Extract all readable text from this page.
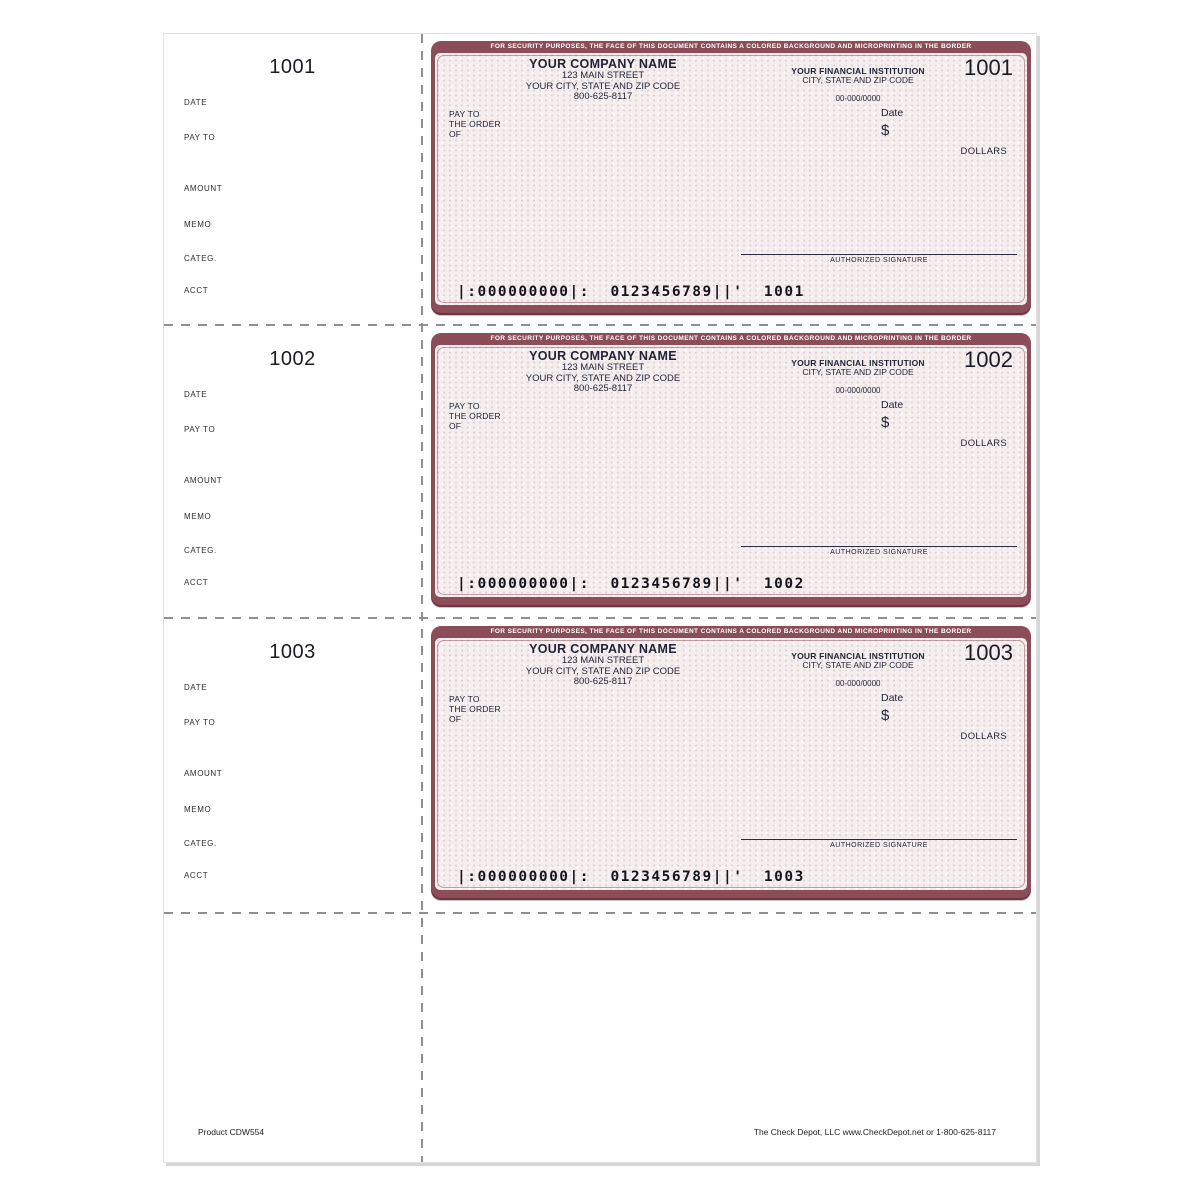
1001
DATE
PAY TO
AMOUNT
MEMO
CATEG.
ACCT
FOR SECURITY PURPOSES, THE FACE OF THIS DOCUMENT CONTAINS A COLORED BACKGROUND AND MICROPRINTING IN THE BORDER
YOUR COMPANY NAME
123 MAIN STREET
YOUR CITY, STATE AND ZIP CODE
800-625-8117
YOUR FINANCIAL INSTITUTION
CITY, STATE AND ZIP CODE
00-000/0000
1001
PAY TO
THE ORDER
OF
Date
$
DOLLARS
AUTHORIZED SIGNATURE
|:000000000|:  0123456789||'  1001
1002
DATE
PAY TO
AMOUNT
MEMO
CATEG.
ACCT
FOR SECURITY PURPOSES, THE FACE OF THIS DOCUMENT CONTAINS A COLORED BACKGROUND AND MICROPRINTING IN THE BORDER
YOUR COMPANY NAME
123 MAIN STREET
YOUR CITY, STATE AND ZIP CODE
800-625-8117
YOUR FINANCIAL INSTITUTION
CITY, STATE AND ZIP CODE
00-000/0000
1002
PAY TO
THE ORDER
OF
Date
$
DOLLARS
AUTHORIZED SIGNATURE
|:000000000|:  0123456789||'  1002
1003
DATE
PAY TO
AMOUNT
MEMO
CATEG.
ACCT
FOR SECURITY PURPOSES, THE FACE OF THIS DOCUMENT CONTAINS A COLORED BACKGROUND AND MICROPRINTING IN THE BORDER
YOUR COMPANY NAME
123 MAIN STREET
YOUR CITY, STATE AND ZIP CODE
800-625-8117
YOUR FINANCIAL INSTITUTION
CITY, STATE AND ZIP CODE
00-000/0000
1003
PAY TO
THE ORDER
OF
Date
$
DOLLARS
AUTHORIZED SIGNATURE
|:000000000|:  0123456789||'  1003
Product CDW554	The Check Depot, LLC www.CheckDepot.net or 1-800-625-8117
